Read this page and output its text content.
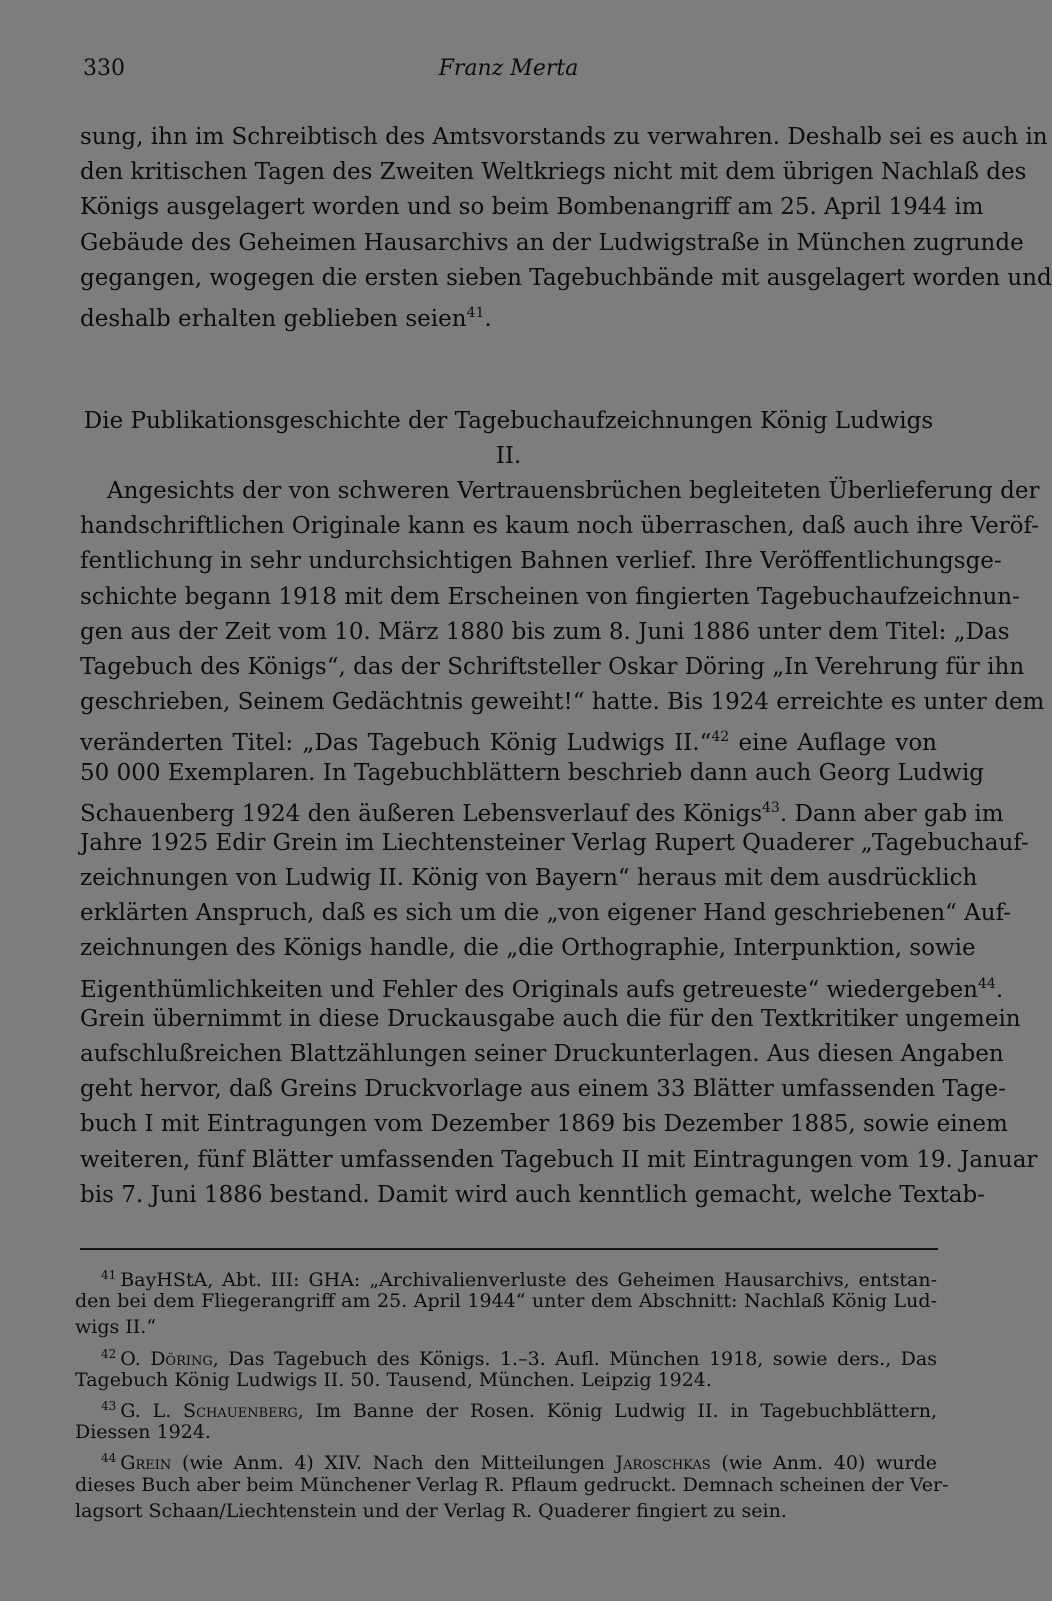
330	Franz Merta
sung, ihn im Schreibtisch des Amtsvorstands zu verwahren. Deshalb sei es auch in
den kritischen Tagen des Zweiten Weltkriegs nicht mit dem übrigen Nachlaß des
Königs ausgelagert worden und so beim Bombenangriff am 25. April 1944 im
Gebäude des Geheimen Hausarchivs an der Ludwigstraße in München zugrunde
gegangen, wogegen die ersten sieben Tagebuchbände mit ausgelagert worden und
deshalb erhalten geblieben seien$^{41}$.
Die Publikationsgeschichte der Tagebuchaufzeichnungen König Ludwigs II.
Angesichts der von schweren Vertrauensbrüchen begleiteten Überlieferung der
handschriftlichen Originale kann es kaum noch überraschen, daß auch ihre Veröf-
fentlichung in sehr undurchsichtigen Bahnen verlief. Ihre Veröffentlichungsge-
schichte begann 1918 mit dem Erscheinen von fingierten Tagebuchaufzeichnun-
gen aus der Zeit vom 10. März 1880 bis zum 8. Juni 1886 unter dem Titel: „Das
Tagebuch des Königs“, das der Schriftsteller Oskar Döring „In Verehrung für ihn
geschrieben, Seinem Gedächtnis geweiht!“ hatte. Bis 1924 erreichte es unter dem
veränderten Titel: „Das Tagebuch König Ludwigs II.“$^{42}$ eine Auflage von
50 000 Exemplaren. In Tagebuchblättern beschrieb dann auch Georg Ludwig
Schauenberg 1924 den äußeren Lebensverlauf des Königs$^{43}$. Dann aber gab im
Jahre 1925 Edir Grein im Liechtensteiner Verlag Rupert Quaderer „Tagebuchauf-
zeichnungen von Ludwig II. König von Bayern“ heraus mit dem ausdrücklich
erklärten Anspruch, daß es sich um die „von eigener Hand geschriebenen“ Auf-
zeichnungen des Königs handle, die „die Orthographie, Interpunktion, sowie
Eigenthümlichkeiten und Fehler des Originals aufs getreueste“ wiedergeben$^{44}$.
Grein übernimmt in diese Druckausgabe auch die für den Textkritiker ungemein
aufschlußreichen Blattzählungen seiner Druckunterlagen. Aus diesen Angaben
geht hervor, daß Greins Druckvorlage aus einem 33 Blätter umfassenden Tage-
buch I mit Eintragungen vom Dezember 1869 bis Dezember 1885, sowie einem
weiteren, fünf Blätter umfassenden Tagebuch II mit Eintragungen vom 19. Januar
bis 7. Juni 1886 bestand. Damit wird auch kenntlich gemacht, welche Textab-
$^{41}$ BayHStA, Abt. III: GHA: „Archivalienverluste des Geheimen Hausarchivs, entstan-
den bei dem Fliegerangriff am 25. April 1944“ unter dem Abschnitt: Nachlaß König Lud-
wigs II.“
$^{42}$ O. Döring, Das Tagebuch des Königs. 1.–3. Aufl. München 1918, sowie ders., Das
Tagebuch König Ludwigs II. 50. Tausend, München. Leipzig 1924.
$^{43}$ G. L. Schauenberg, Im Banne der Rosen. König Ludwig II. in Tagebuchblättern,
Diessen 1924.
$^{44}$ Grein (wie Anm. 4) XIV. Nach den Mitteilungen Jaroschkas (wie Anm. 40) wurde
dieses Buch aber beim Münchener Verlag R. Pflaum gedruckt. Demnach scheinen der Ver-
lagsort Schaan/Liechtenstein und der Verlag R. Quaderer fingiert zu sein.
